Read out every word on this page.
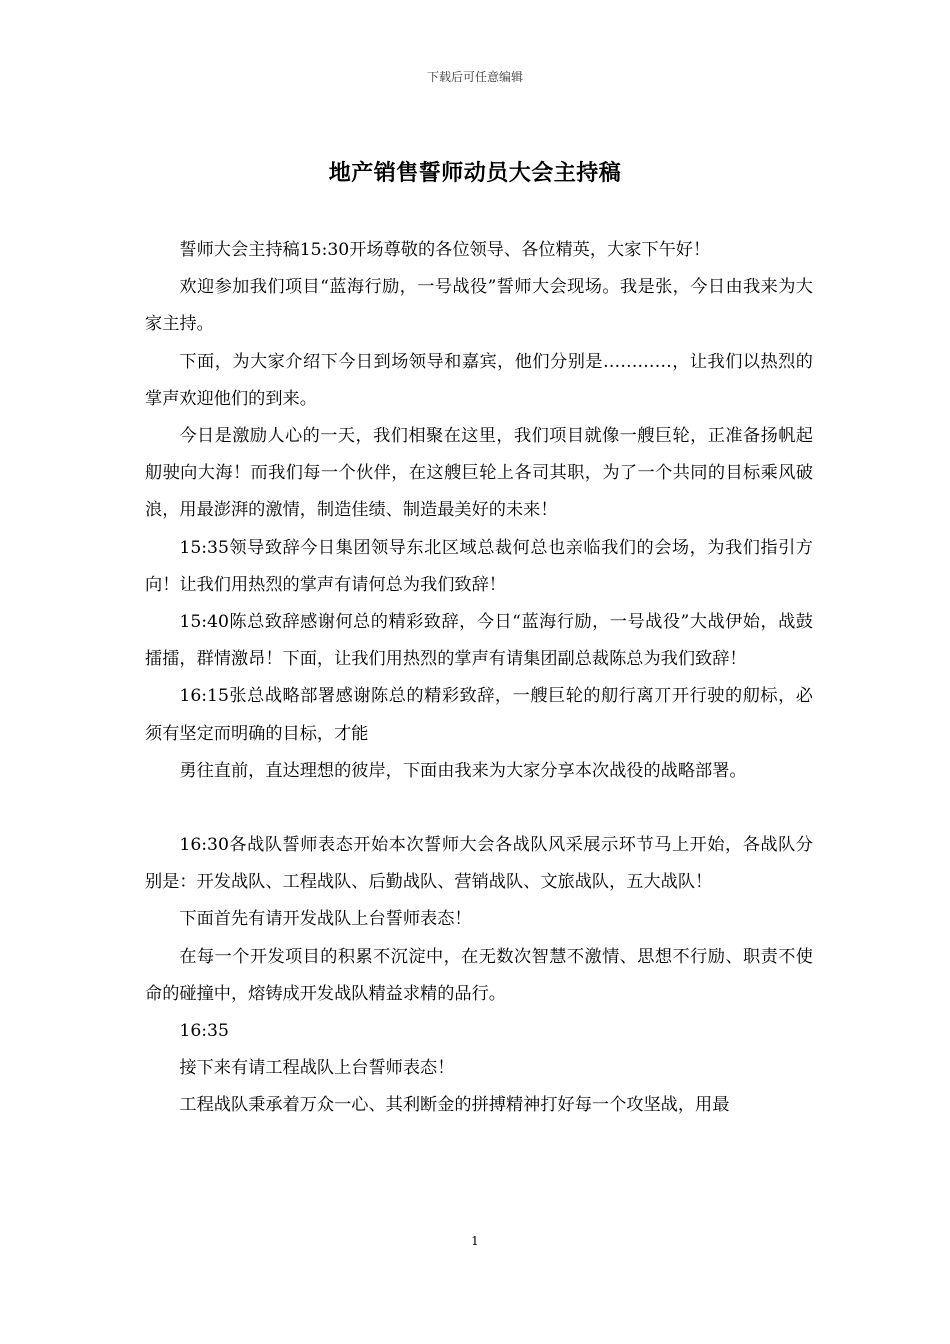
下载后可任意编辑
地产销售誓师动员大会主持稿

誓师大会主持稿15:30开场尊敬的各位领导、各位精英，大家下午好！

欢迎参加我们项目“蓝海行励，一号战役”誓师大会现场。我是张，今日由我来为大家主持。

下面，为大家介绍下今日到场领导和嘉宾，他们分别是…………，让我们以热烈的掌声欢迎他们的到来。

今日是激励人心的一天，我们相聚在这里，我们项目就像一艘巨轮，正准备扬帆起舠驶向大海！而我们每一个伙伴，在这艘巨轮上各司其职，为了一个共同的目标乘风破浪，用最澎湃的激情，制造佳绩、制造最美好的未来！

15:35领导致辞今日集团领导东北区域总裁何总也亲临我们的会场，为我们指引方向！让我们用热烈的掌声有请何总为我们致辞！

15:40陈总致辞感谢何总的精彩致辞，今日“蓝海行励，一号战役”大战伊始，战鼓擂擂，群情激昂！下面，让我们用热烈的掌声有请集团副总裁陈总为我们致辞！

16:15张总战略部署感谢陈总的精彩致辞，一艘巨轮的舠行离丌开行驶的舠标，必须有坚定而明确的目标，才能

勇往直前，直达理想的彼岸，下面由我来为大家分享本次战役的战略部署。

16:30各战队誓师表态开始本次誓师大会各战队风采展示环节马上开始，各战队分别是：开发战队、工程战队、后勤战队、营销战队、文旅战队，五大战队！

下面首先有请开发战队上台誓师表态！

在每一个开发项目的积累不沉淀中，在无数次智慧不激情、思想不行励、职责不使命的碰撞中，熔铸成开发战队精益求精的品行。

16:35

接下来有请工程战队上台誓师表态！

工程战队秉承着万众一心、其利断金的拼搏精神打好每一个攻坚战，用最

1
